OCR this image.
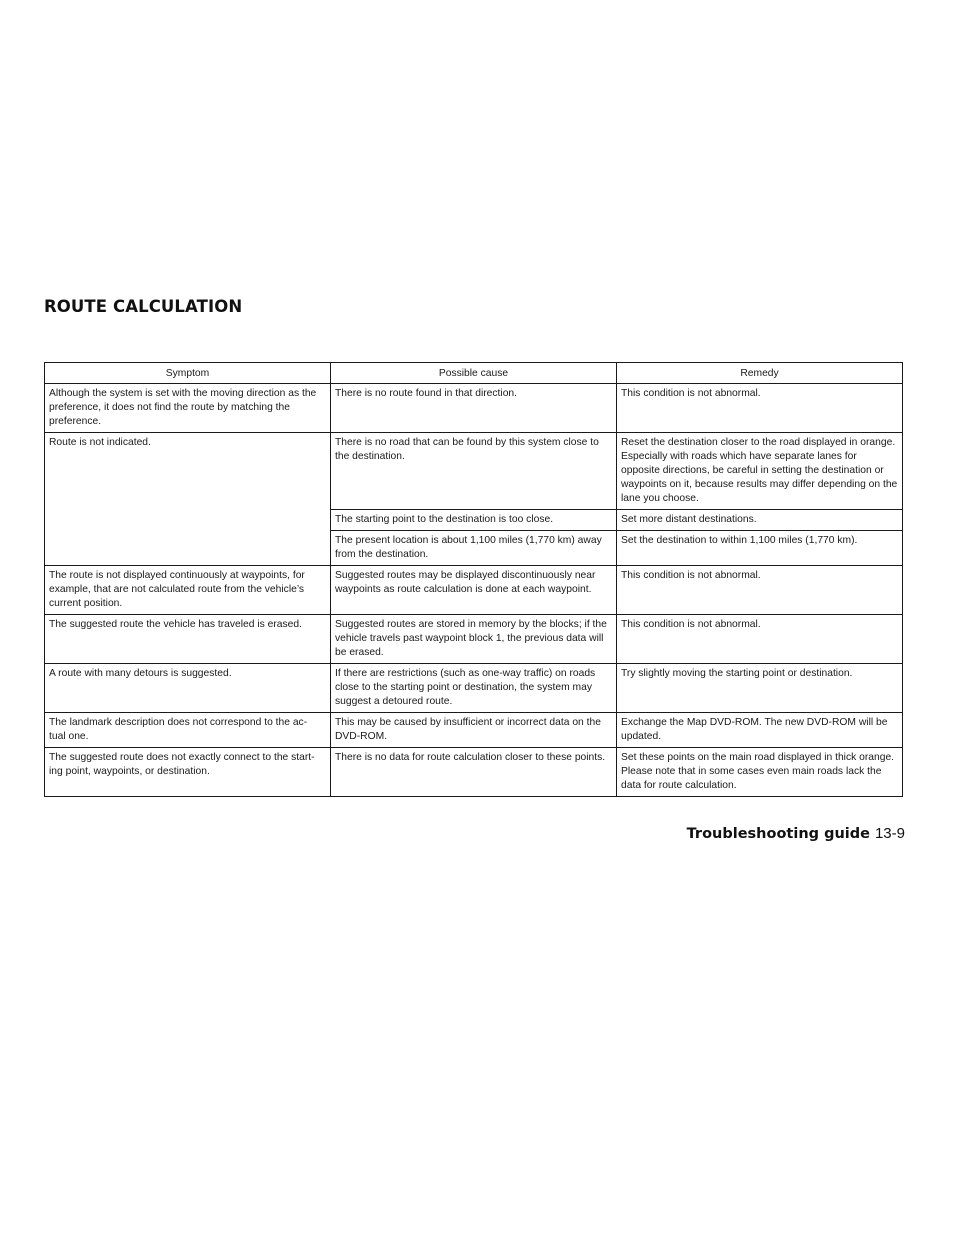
ROUTE CALCULATION
Symptom	Possible cause	Remedy
Although the system is set with the moving direction as the preference, it does not find the route by matching the preference.	There is no route found in that direction.	This condition is not abnormal.
Route is not indicated.	There is no road that can be found by this system close to the destination.	Reset the destination closer to the road displayed in orange. Especially with roads which have separate lanes for opposite directions, be careful in setting the destination or waypoints on it, because results may differ depending on the lane you choose.
	The starting point to the destination is too close.	Set more distant destinations.
	The present location is about 1,100 miles (1,770 km) away from the destination.	Set the destination to within 1,100 miles (1,770 km).
The route is not displayed continuously at waypoints, for example, that are not calculated route from the vehicle’s current position.	Suggested routes may be displayed discontinuously near waypoints as route calculation is done at each waypoint.	This condition is not abnormal.
The suggested route the vehicle has traveled is erased.	Suggested routes are stored in memory by the blocks; if the vehicle travels past waypoint block 1, the previous data will be erased.	This condition is not abnormal.
A route with many detours is suggested.	If there are restrictions (such as one-way traffic) on roads close to the starting point or destination, the system may suggest a detoured route.	Try slightly moving the starting point or destination.
The landmark description does not correspond to the ac- tual one.	This may be caused by insufficient or incorrect data on the DVD-ROM.	Exchange the Map DVD-ROM. The new DVD-ROM will be updated.
The suggested route does not exactly connect to the start- ing point, waypoints, or destination.	There is no data for route calculation closer to these points.	Set these points on the main road displayed in thick orange. Please note that in some cases even main roads lack the data for route calculation.
Troubleshooting guide 13-9
